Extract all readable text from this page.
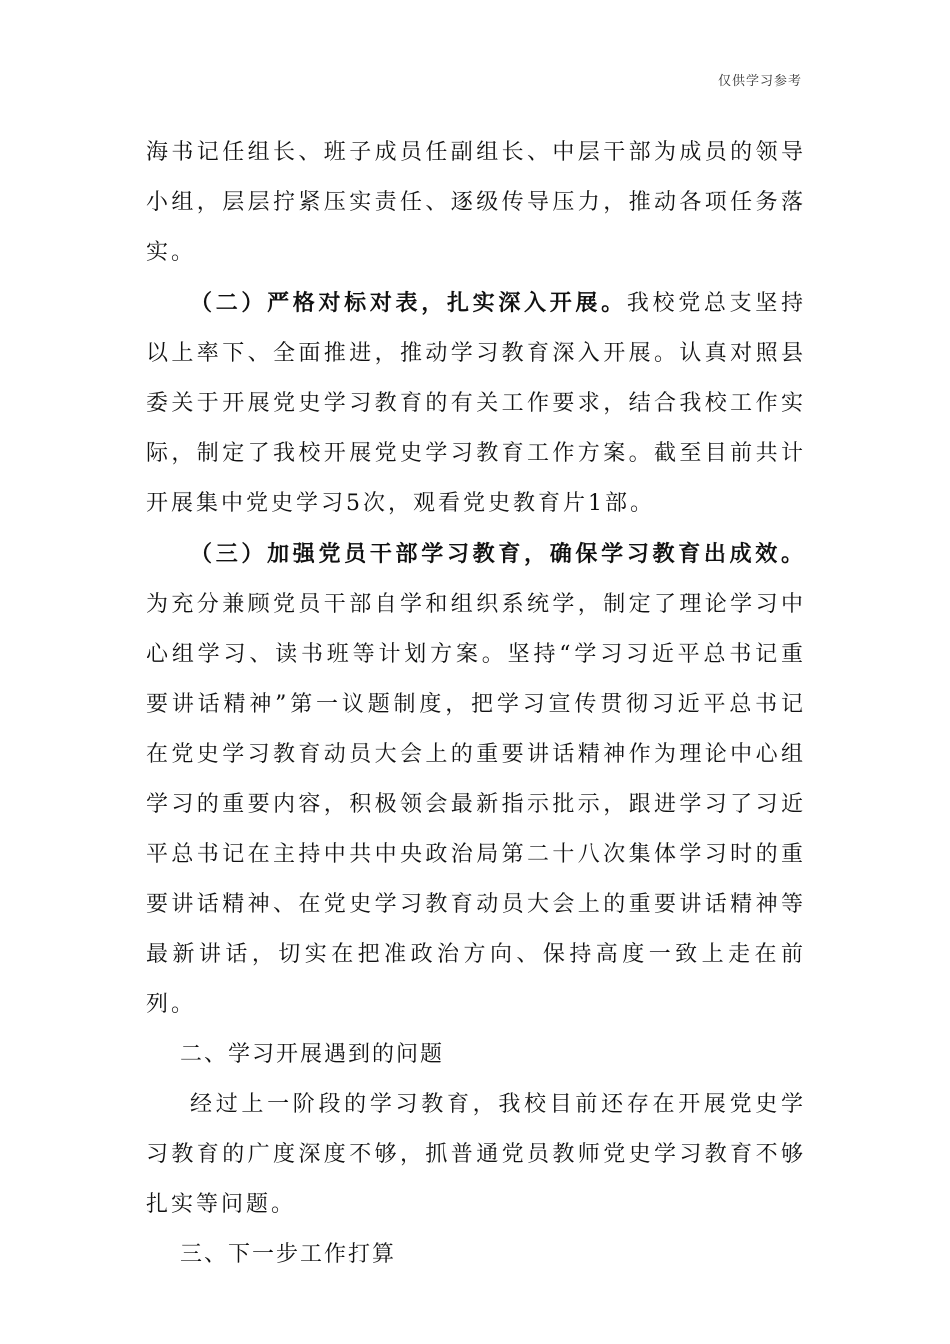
仅供学习参考

海书记任组长、班子成员任副组长、中层干部为成员的领导小组，层层拧紧压实责任、逐级传导压力，推动各项任务落实。

（二）严格对标对表，扎实深入开展。我校党总支坚持以上率下、全面推进，推动学习教育深入开展。认真对照县委关于开展党史学习教育的有关工作要求，结合我校工作实际，制定了我校开展党史学习教育工作方案。截至目前共计开展集中党史学习5次，观看党史教育片1部。

（三）加强党员干部学习教育，确保学习教育出成效。为充分兼顾党员干部自学和组织系统学，制定了理论学习中心组学习、读书班等计划方案。坚持“学习习近平总书记重要讲话精神”第一议题制度，把学习宣传贯彻习近平总书记在党史学习教育动员大会上的重要讲话精神作为理论中心组学习的重要内容，积极领会最新指示批示，跟进学习了习近平总书记在主持中共中央政治局第二十八次集体学习时的重要讲话精神、在党史学习教育动员大会上的重要讲话精神等最新讲话，切实在把准政治方向、保持高度一致上走在前列。

二、学习开展遇到的问题

经过上一阶段的学习教育，我校目前还存在开展党史学习教育的广度深度不够，抓普通党员教师党史学习教育不够扎实等问题。

三、下一步工作打算
